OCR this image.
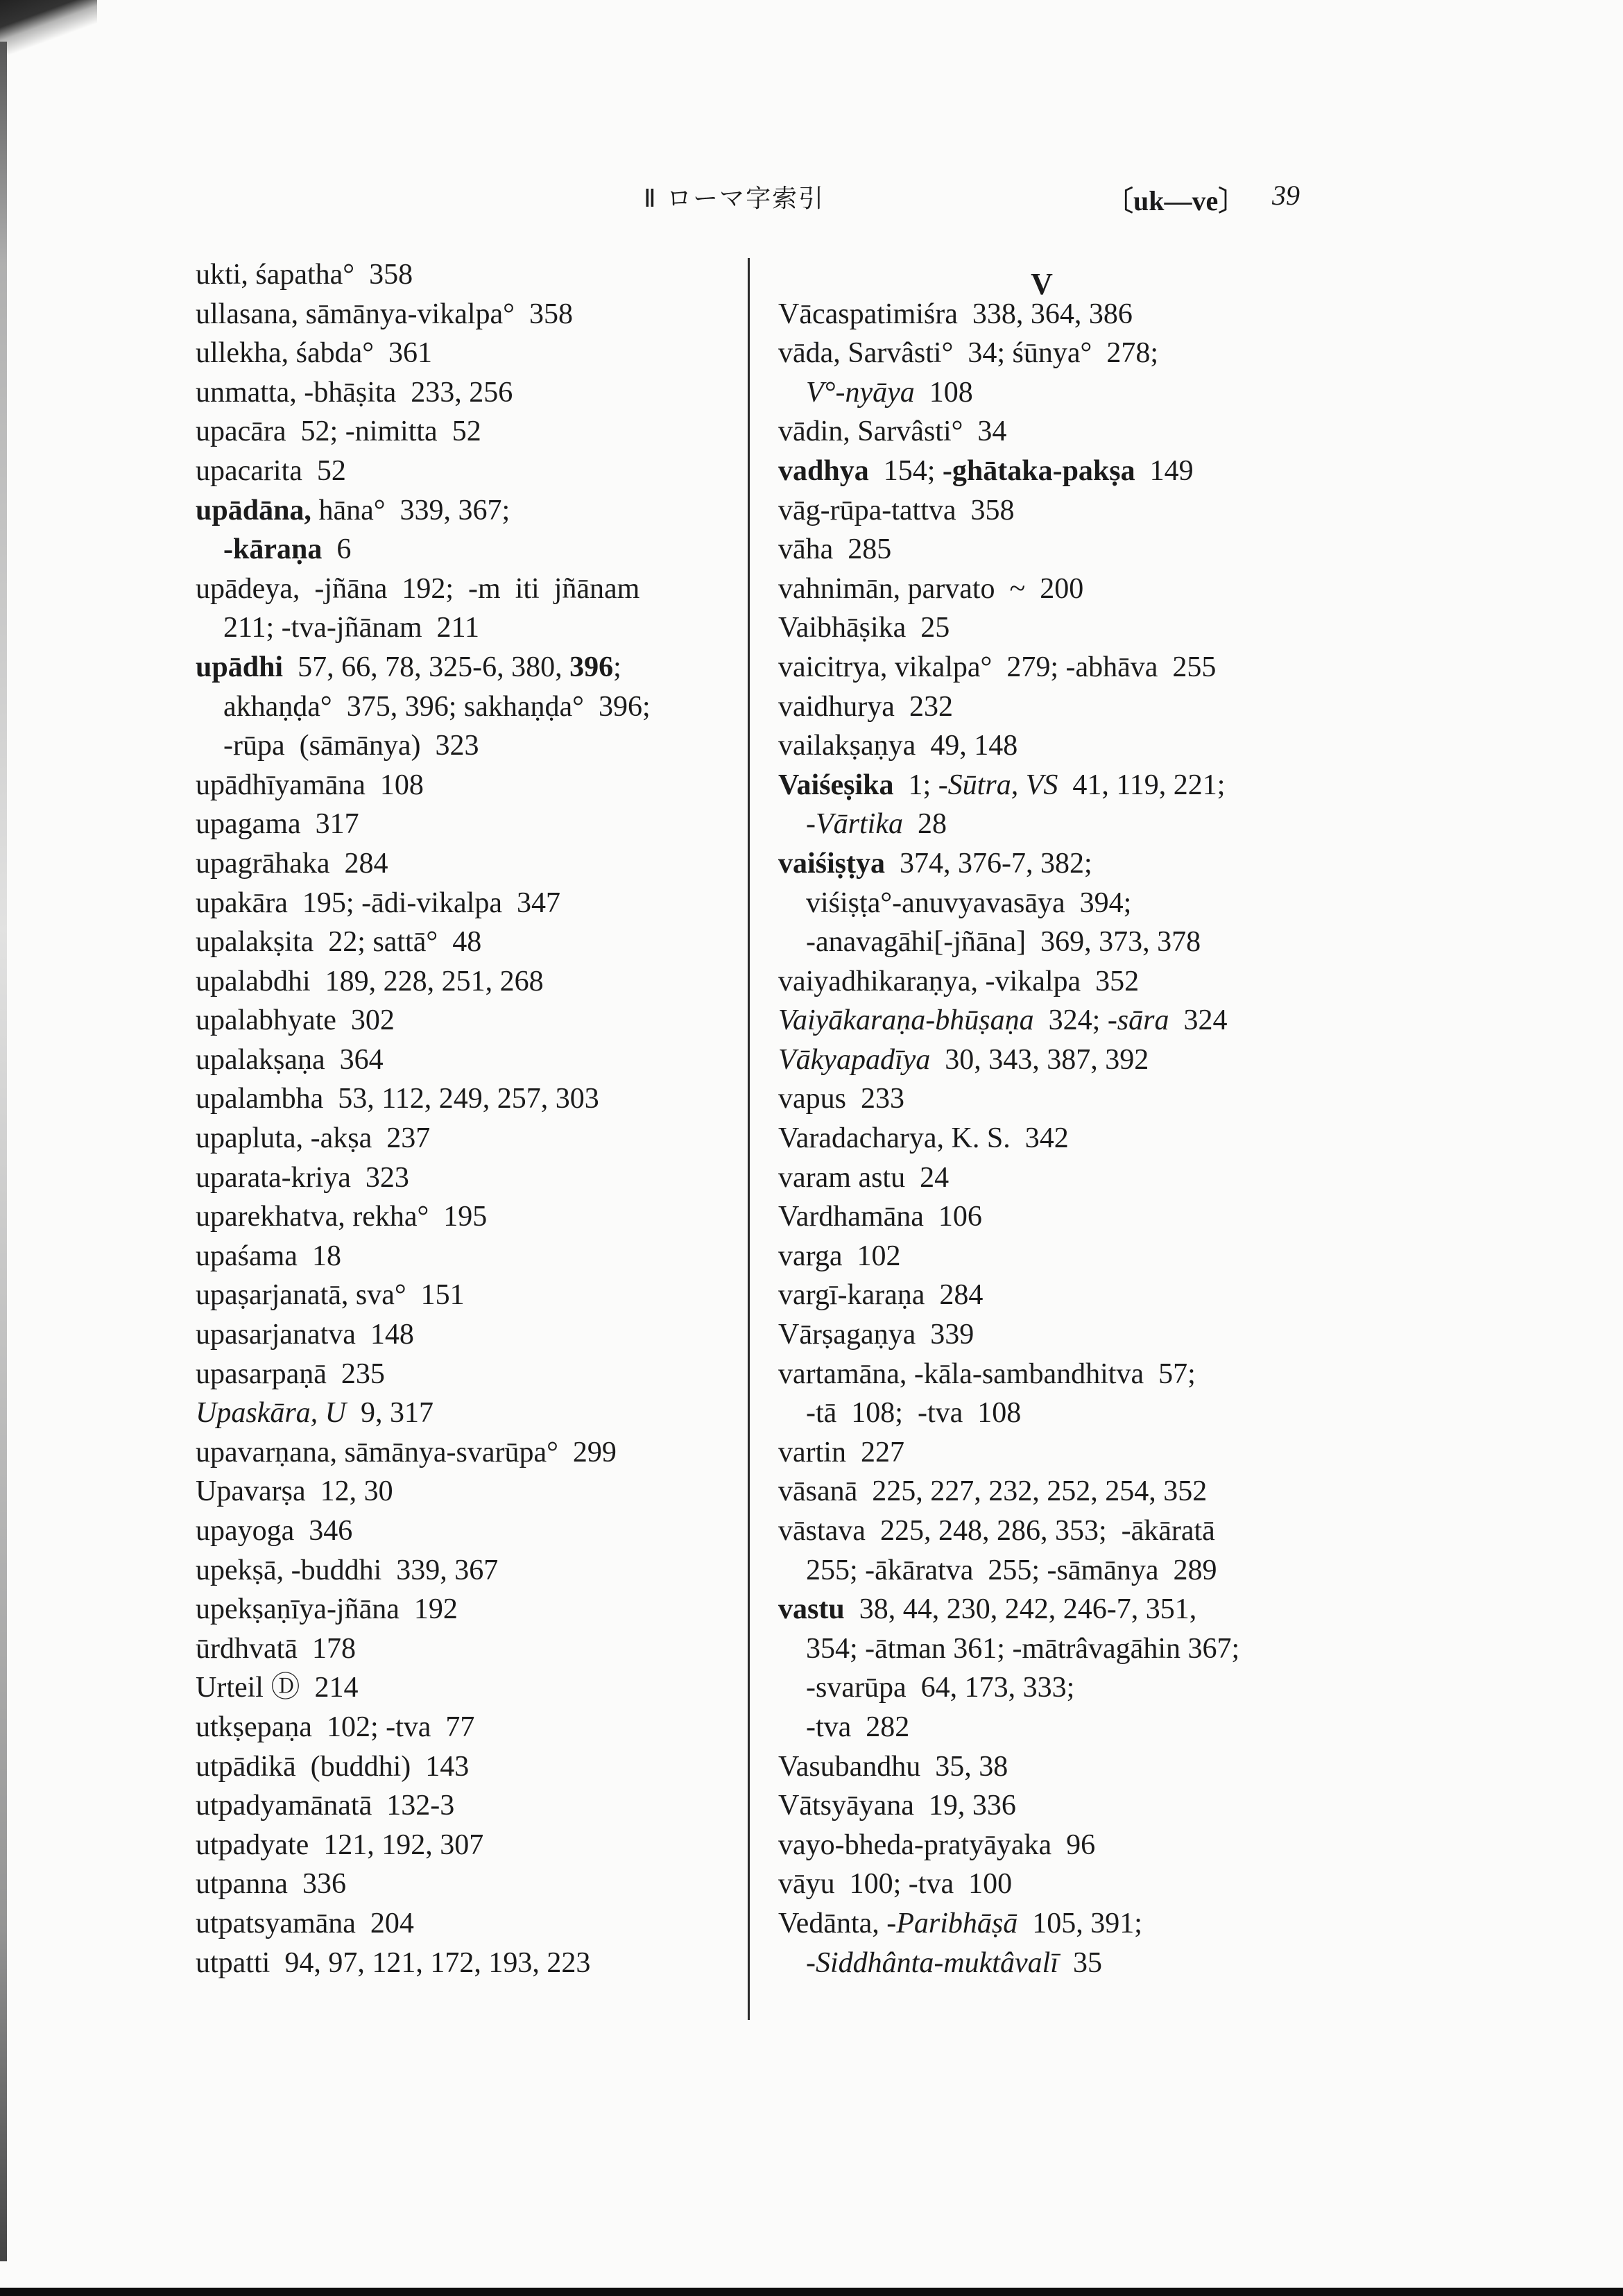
Ⅱ ローマ字索引	〔uk—ve〕 39
ukti, śapatha°  358
ullasana, sāmānya-vikalpa°  358
ullekha, śabda°  361
unmatta, -bhāṣita  233, 256
upacāra  52; -nimitta  52
upacarita  52
upādāna, hāna°  339, 367;
-kāraṇa  6
upādeya,  -jñāna  192;  -m  iti  jñānam
211; -tva-jñānam  211
upādhi  57, 66, 78, 325-6, 380, 396;
akhaṇḍa°  375, 396; sakhaṇḍa°  396;
-rūpa  (sāmānya)  323
upādhīyamāna  108
upagama  317
upagrāhaka  284
upakāra  195; -ādi-vikalpa  347
upalakṣita  22; sattā°  48
upalabdhi  189, 228, 251, 268
upalabhyate  302
upalakṣaṇa  364
upalambha  53, 112, 249, 257, 303
upapluta, -akṣa  237
uparata-kriya  323
uparekhatva, rekha°  195
upaśama  18
upaṣarjanatā, sva°  151
upasarjanatva  148
upasarpaṇā  235
Upaskāra, U  9, 317
upavarṇana, sāmānya-svarūpa°  299
Upavarṣa  12, 30
upayoga  346
upekṣā, -buddhi  339, 367
upekṣaṇīya-jñāna  192
ūrdhvatā  178
Urteil Ⓓ  214
utkṣepaṇa  102; -tva  77
utpādikā  (buddhi)  143
utpadyamānatā  132-3
utpadyate  121, 192, 307
utpanna  336
utpatsyamāna  204
utpatti  94, 97, 121, 172, 193, 223
V
Vācaspatimiśra  338, 364, 386
vāda, Sarvâsti°  34; śūnya°  278;
V°-nyāya  108
vādin, Sarvâsti°  34
vadhya  154; -ghātaka-pakṣa  149
vāg-rūpa-tattva  358
vāha  285
vahnimān, parvato  ~  200
Vaibhāṣika  25
vaicitrya, vikalpa°  279; -abhāva  255
vaidhurya  232
vailakṣaṇya  49, 148
Vaiśeṣika  1; -Sūtra, VS  41, 119, 221;
-Vārtika  28
vaiśiṣṭya  374, 376-7, 382;
viśiṣṭa°-anuvyavasāya  394;
-anavagāhi[-jñāna]  369, 373, 378
vaiyadhikaraṇya, -vikalpa  352
Vaiyākaraṇa-bhūṣaṇa  324; -sāra  324
Vākyapadīya  30, 343, 387, 392
vapus  233
Varadacharya, K. S.  342
varam astu  24
Vardhamāna  106
varga  102
vargī-karaṇa  284
Vārṣagaṇya  339
vartamāna, -kāla-sambandhitva  57;
-tā  108;  -tva  108
vartin  227
vāsanā  225, 227, 232, 252, 254, 352
vāstava  225, 248, 286, 353;  -ākāratā
255; -ākāratva  255; -sāmānya  289
vastu  38, 44, 230, 242, 246-7, 351,
354; -ātman 361; -mātrâvagāhin 367;
-svarūpa  64, 173, 333;
-tva  282
Vasubandhu  35, 38
Vātsyāyana  19, 336
vayo-bheda-pratyāyaka  96
vāyu  100; -tva  100
Vedānta, -Paribhāṣā  105, 391;
-Siddhânta-muktâvalī  35
